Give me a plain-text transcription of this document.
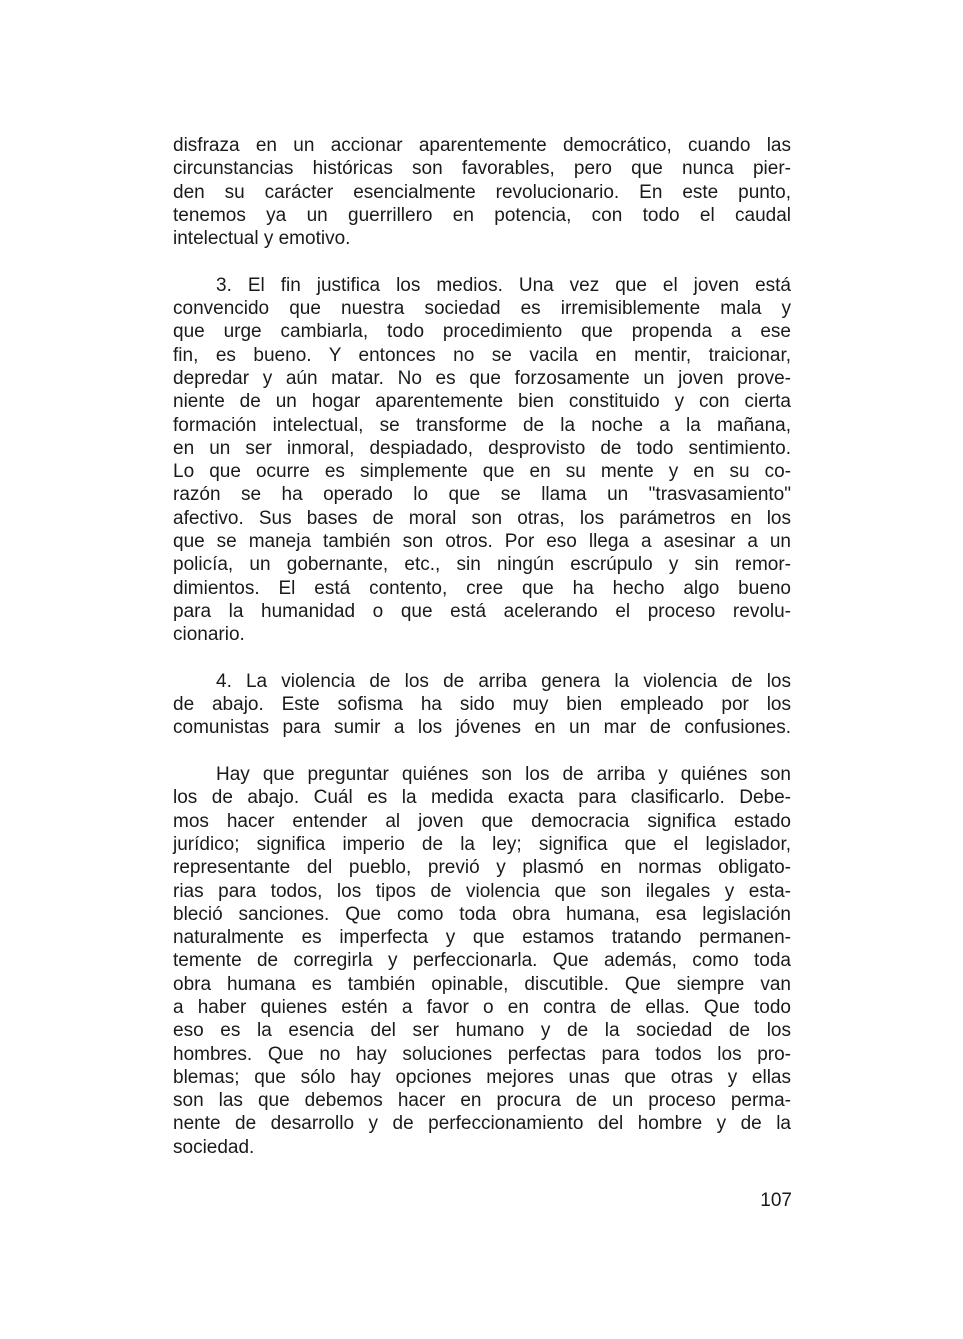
disfraza en un accionar aparentemente democrático, cuando las
circunstancias históricas son favorables, pero que nunca pier-
den su carácter esencialmente revolucionario. En este punto,
tenemos ya un guerrillero en potencia, con todo el caudal
intelectual y emotivo.
3. El fin justifica los medios. Una vez que el joven está
convencido que nuestra sociedad es irremisiblemente mala y
que urge cambiarla, todo procedimiento que propenda a ese
fin, es bueno. Y entonces no se vacila en mentir, traicionar,
depredar y aún matar. No es que forzosamente un joven prove-
niente de un hogar aparentemente bien constituido y con cierta
formación intelectual, se transforme de la noche a la mañana,
en un ser inmoral, despiadado, desprovisto de todo sentimiento.
Lo que ocurre es simplemente que en su mente y en su co-
razón se ha operado lo que se llama un "trasvasamiento"
afectivo. Sus bases de moral son otras, los parámetros en los
que se maneja también son otros. Por eso llega a asesinar a un
policía, un gobernante, etc., sin ningún escrúpulo y sin remor-
dimientos. El está contento, cree que ha hecho algo bueno
para la humanidad o que está acelerando el proceso revolu-
cionario.
4. La violencia de los de arriba genera la violencia de los
de abajo. Este sofisma ha sido muy bien empleado por los
comunistas para sumir a los jóvenes en un mar de confusiones.
Hay que preguntar quiénes son los de arriba y quiénes son
los de abajo. Cuál es la medida exacta para clasificarlo. Debe-
mos hacer entender al joven que democracia significa estado
jurídico; significa imperio de la ley; significa que el legislador,
representante del pueblo, previó y plasmó en normas obligato-
rias para todos, los tipos de violencia que son ilegales y esta-
bleció sanciones. Que como toda obra humana, esa legislación
naturalmente es imperfecta y que estamos tratando permanen-
temente de corregirla y perfeccionarla. Que además, como toda
obra humana es también opinable, discutible. Que siempre van
a haber quienes estén a favor o en contra de ellas. Que todo
eso es la esencia del ser humano y de la sociedad de los
hombres. Que no hay soluciones perfectas para todos los pro-
blemas; que sólo hay opciones mejores unas que otras y ellas
son las que debemos hacer en procura de un proceso perma-
nente de desarrollo y de perfeccionamiento del hombre y de la
sociedad.
107
